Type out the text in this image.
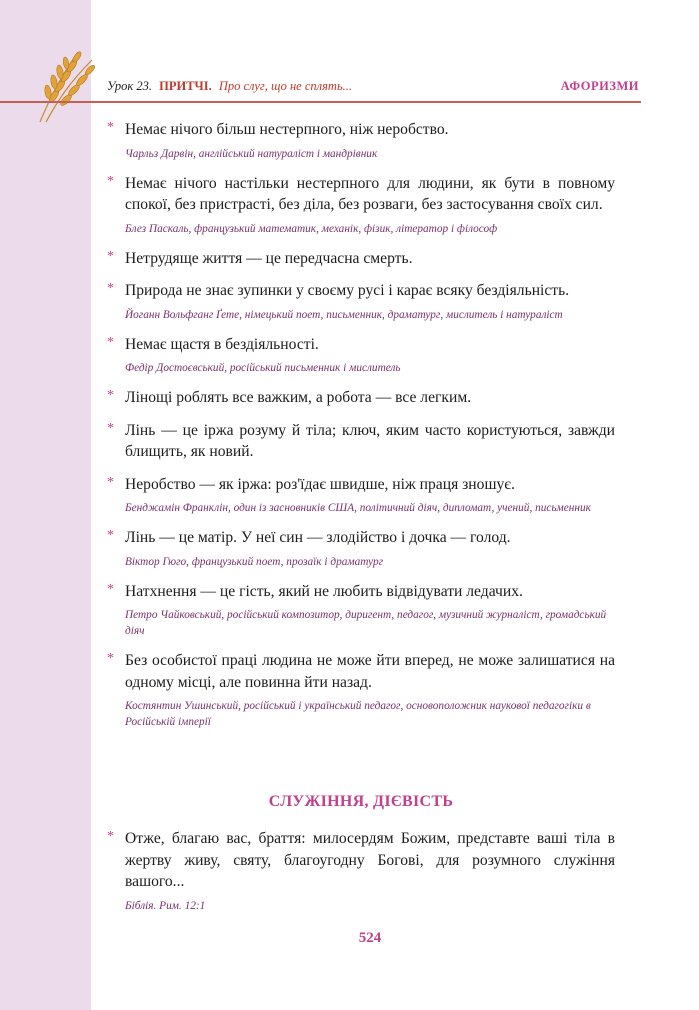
Урок 23. ПРИТЧІ. Про слуг, що не сплять...	АФОРИЗМИ
* Немає нічого більш нестерпного, ніж неробство.
Чарльз Дарвін, англійський натураліст і мандрівник
* Немає нічого настільки нестерпного для людини, як бути в повному спокої, без пристрасті, без діла, без розваги, без застосування своїх сил.
Блез Паскаль, французький математик, механік, фізик, літератор і філософ
* Нетрудяще життя — це передчасна смерть.
* Природа не знає зупинки у своєму русі і карає всяку бездіяльність.
Йоганн Вольфганг Ґете, німецький поет, письменник, драматург, мислитель і натураліст
* Немає щастя в бездіяльності.
Федір Достоєвський, російський письменник і мислитель
* Лінощі роблять все важким, а робота — все легким.
* Лінь — це іржа розуму й тіла; ключ, яким часто користуються, завжди блищить, як новий.
* Неробство — як іржа: роз'їдає швидше, ніж праця зношує.
Бенджамін Франклін, один із засновників США, політичний діяч, дипломат, учений, письменник
* Лінь — це матір. У неї син — злодійство і дочка — голод.
Віктор Гюго, французький поет, прозаїк і драматург
* Натхнення — це гість, який не любить відвідувати ледачих.
Петро Чайковський, російський композитор, диригент, педагог, музичний журналіст, громадський діяч
* Без особистої праці людина не може йти вперед, не може залишатися на одному місці, але повинна йти назад.
Костянтин Ушинський, російський і український педагог, основоположник наукової педагогіки в Російській імперії
СЛУЖІННЯ, ДІЄВІСТЬ
* Отже, благаю вас, браття: милосердям Божим, представте ваші тіла в жертву живу, святу, благоугодну Богові, для розумного служіння вашого...
Біблія. Рим. 12:1
524
